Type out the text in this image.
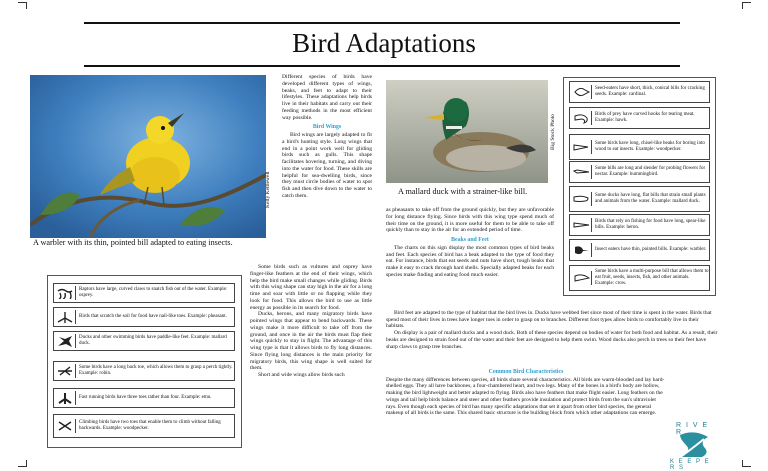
Bird Adaptations
A warbler with its thin, pointed bill adapted to eating insects.
Kelly Kettlewell

Different species of birds have developed different types of wings, beaks, and feet to adapt to their lifestyles. These adaptations help birds live in their habitats and carry out their feeding methods in the most efficient way possible.

Bird Wings

Bird wings are largely adapted to fit a bird's hunting style. Long wings that end in a point work well for gliding birds such as gulls. This shape facilitates hovering, turning, and diving into the water for food. These skills are helpful for sea-dwelling birds, since they must circle bodies of water to spot fish and then dive down to the water to catch them.

Some birds such as vultures and osprey have finger-like feathers at the end of their wings, which help the bird make small changes while gliding. Birds with this wing shape can stay high in the air for a long time and soar with little or no flapping while they look for food. This allows the bird to use as little energy as possible in its search for food.

Ducks, herons, and many migratory birds have pointed wings that appear to bend backwards. These wings make it more difficult to take off from the ground, and once in the air the birds must flap their wings quickly to stay in flight. The advantage of this wing type is that it allows birds to fly long distances. Since flying long distances is the main priority for migratory birds, this wing shape is well suited for them.

Short and wide wings allow birds such

Raptors have large, curved claws to snatch fish out of the water. Example: osprey.
Birds that scratch the soil for food have nail-like toes. Example: pheasant.
Ducks and other swimming birds have paddle-like feet. Example: mallard duck.
Some birds have a long back toe, which allows them to grasp a perch tightly. Example: robin.
Fast running birds have three toes rather than four. Example: emu.
Climbing birds have two toes that enable them to climb without falling backwards. Example: woodpecker.
A mallard duck with a strainer-like bill.
Big Stock Photo

as pheasants to take off from the ground quickly, but they are unfavorable for long distance flying. Since birds with this wing type spend much of their time on the ground, it is more useful for them to be able to take off quickly than to stay in the air for an extended period of time.

Beaks and Feet

The charts on this sign display the most common types of bird beaks and feet. Each species of bird has a beak adapted to the type of food they eat. For instance, birds that eat seeds and nuts have short, tough beaks that make it easy to crack through hard shells. Specially adapted beaks for each species make finding and eating food much easier.

Bird feet are adapted to the type of habitat that the bird lives in. Ducks have webbed feet since most of their time is spent in the water. Birds that spend most of their lives in trees have longer toes in order to grasp on to branches. Different foot types allow birds to comfortably live in their habitats.

On display is a pair of mallard ducks and a wood duck. Both of these species depend on bodies of water for both food and habitat. As a result, their beaks are designed to strain food out of the water and their feet are designed to help them swim. Wood ducks also perch in trees so their feet have sharp claws to grasp tree branches.

Common Bird Characteristics

Despite the many differences between species, all birds share several characteristics. All birds are warm-blooded and lay hard-shelled eggs. They all have backbones, a four-chambered heart, and two legs. Many of the bones in a bird's body are hollow, making the bird lightweight and better adapted to flying. Birds also have feathers that make flight easier. Long feathers on the wings and tail help birds balance and steer and other feathers provide insulation and protect birds from the sun's ultraviolet rays. Even though each species of bird has many specific adaptations that set it apart from other bird species, the general makeup of all birds is the same. This shared basic structure is the building block from which other adaptations can emerge.

Seed-eaters have short, thick, conical bills for cracking seeds. Example: cardinal.
Birds of prey have curved hooks for tearing meat. Example: hawk.
Some birds have long, chisel-like beaks for boring into wood to eat insects. Example: woodpecker.
Some bills are long and slender for probing flowers for nectar. Example: hummingbird.
Some ducks have long, flat bills that strain small plants and animals from the water. Example: mallard duck.
Birds that rely on fishing for food have long, spear-like bills. Example: heron.
Insect eaters have thin, pointed bills. Example: warbler.
Some birds have a multi-purpose bill that allows them to eat fruit, seeds, insects, fish, and other animals. Example: crow.
R I V E R
K E E P E R S
